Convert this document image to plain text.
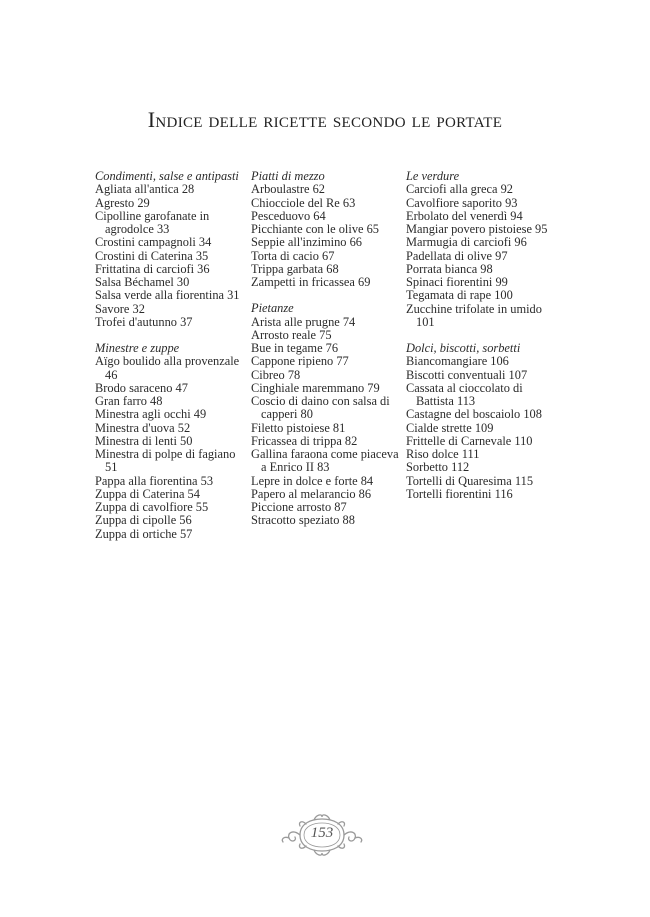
Indice delle ricette secondo le portate
Condimenti, salse e antipasti
Agliata all'antica 28
Agresto 29
Cipolline garofanate in agrodolce 33
Crostini campagnoli 34
Crostini di Caterina 35
Frittatina di carciofi 36
Salsa Béchamel 30
Salsa verde alla fiorentina 31
Savore 32
Trofei d'autunno 37
Minestre e zuppe
Aïgo boulido alla provenzale 46
Brodo saraceno 47
Gran farro 48
Minestra agli occhi 49
Minestra d'uova 52
Minestra di lenti 50
Minestra di polpe di fagiano 51
Pappa alla fiorentina 53
Zuppa di Caterina 54
Zuppa di cavolfiore 55
Zuppa di cipolle 56
Zuppa di ortiche 57
Piatti di mezzo
Arboulastre 62
Chiocciole del Re 63
Pesceduovo 64
Picchiante con le olive 65
Seppie all'inzimino 66
Torta di cacio 67
Trippa garbata 68
Zampetti in fricassea 69
Pietanze
Arista alle prugne 74
Arrosto reale 75
Bue in tegame 76
Cappone ripieno 77
Cibreo 78
Cinghiale maremmano 79
Coscio di daino con salsa di capperi 80
Filetto pistoiese 81
Fricassea di trippa 82
Gallina faraona come piaceva a Enrico II 83
Lepre in dolce e forte 84
Papero al melarancio 86
Piccione arrosto 87
Stracotto speziato 88
Le verdure
Carciofi alla greca 92
Cavolfiore saporito 93
Erbolato del venerdì 94
Mangiar povero pistoiese 95
Marmugia di carciofi 96
Padellata di olive 97
Porrata bianca 98
Spinaci fiorentini 99
Tegamata di rape 100
Zucchine trifolate in umido 101
Dolci, biscotti, sorbetti
Biancomangiare 106
Biscotti conventuali 107
Cassata al cioccolato di Battista 113
Castagne del boscaiolo 108
Cialde strette 109
Frittelle di Carnevale 110
Riso dolce 111
Sorbetto 112
Tortelli di Quaresima 115
Tortelli fiorentini 116
153
